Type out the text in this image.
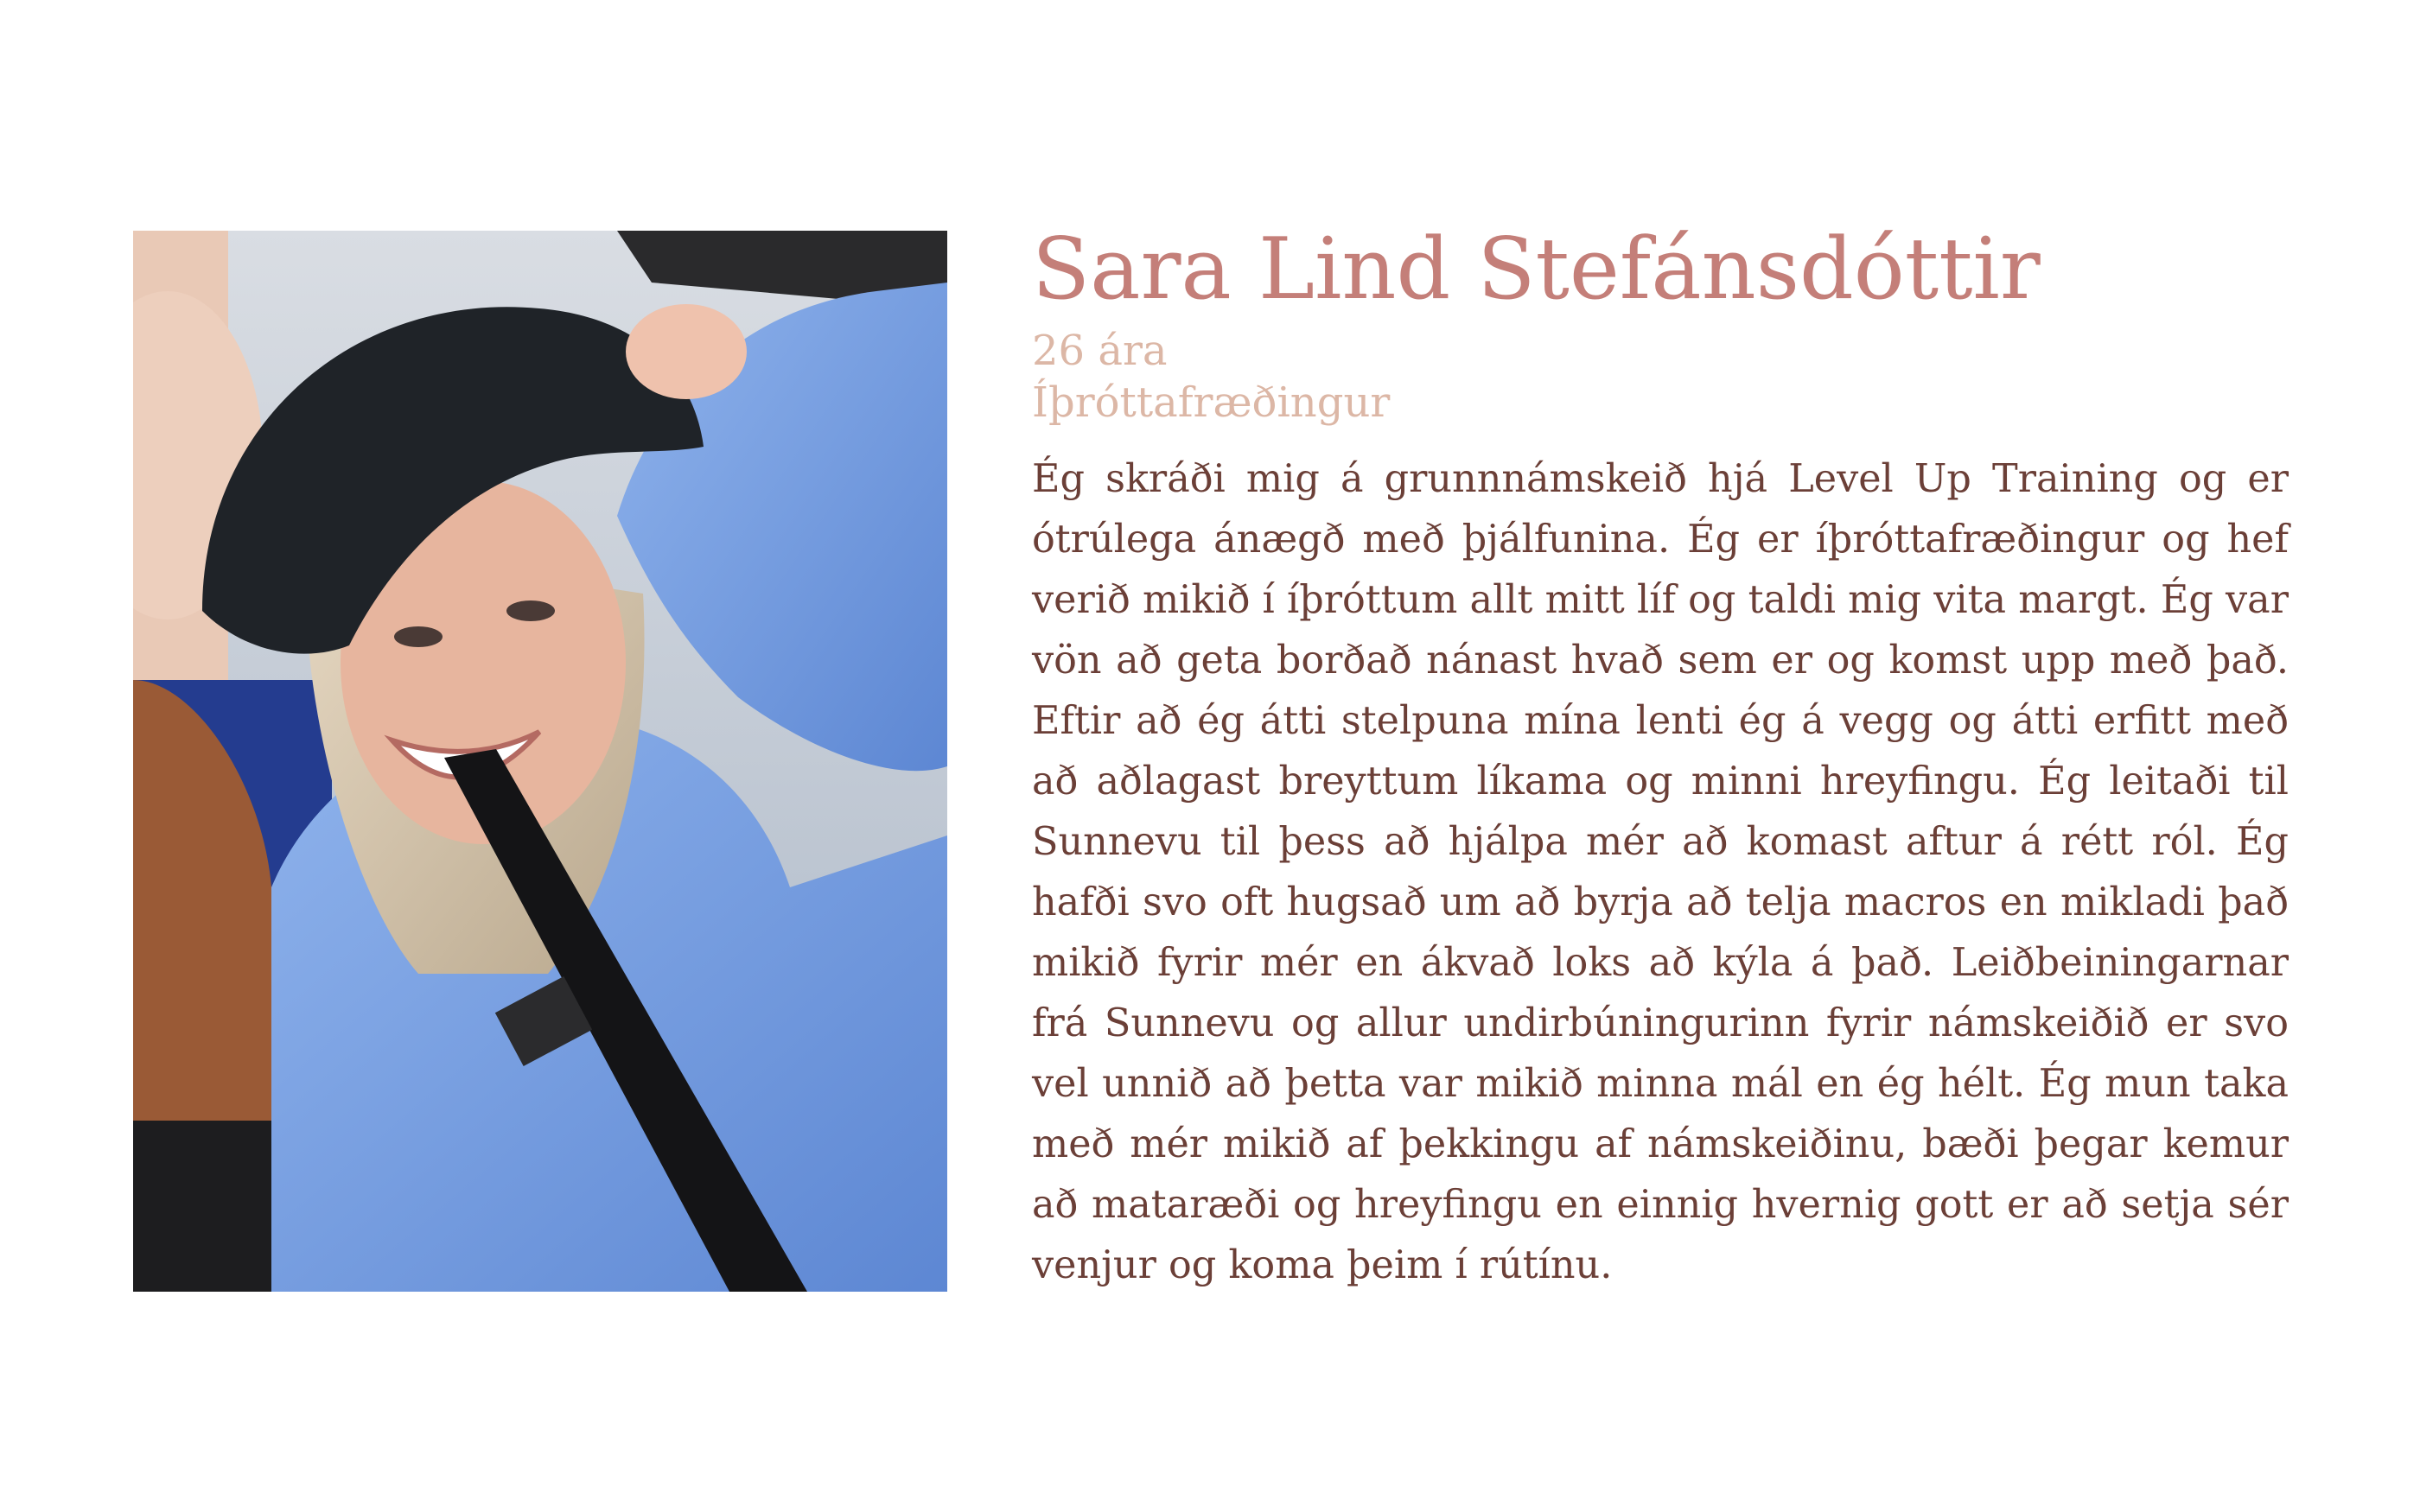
Sara Lind Stefánsdóttir

26 ára

Íþróttafræðingur

Ég skráði mig á grunnnámskeið hjá Level Up Training og er ótrúlega ánægð með þjálfunina. Ég er íþróttafræðingur og hef verið mikið í íþróttum allt mitt líf og taldi mig vita margt. Ég var vön að geta borðað nánast hvað sem er og komst upp með það. Eftir að ég átti stelpuna mína lenti ég á vegg og átti erfitt með að aðlagast breyttum líkama og minni hreyfingu. Ég leitaði til Sunnevu til þess að hjálpa mér að komast aftur á rétt ról. Ég hafði svo oft hugsað um að byrja að telja macros en mikladi það mikið fyrir mér en ákvað loks að kýla á það. Leiðbeiningarnar frá Sunnevu og allur undirbúningurinn fyrir námskeiðið er svo vel unnið að þetta var mikið minna mál en ég hélt. Ég mun taka með mér mikið af þekkingu af námskeiðinu, bæði þegar kemur að mataræði og hreyfingu en einnig hvernig gott er að setja sér venjur og koma þeim í rútínu.
